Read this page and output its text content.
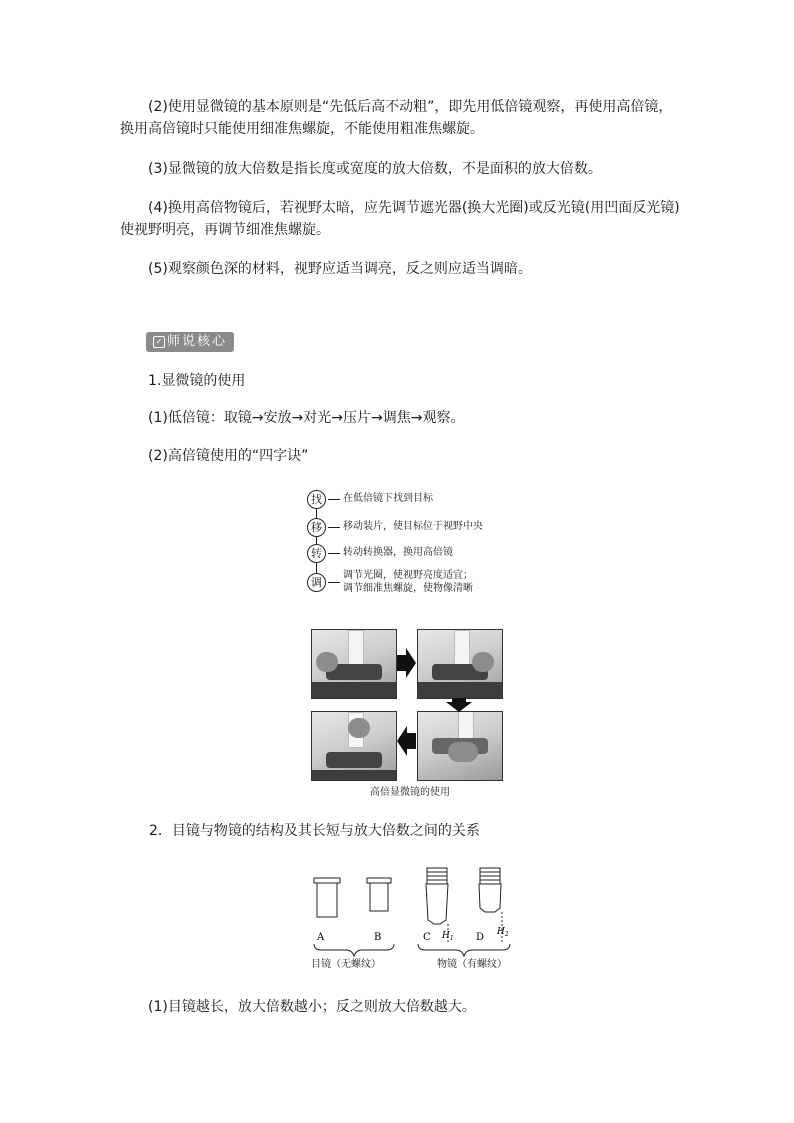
(2)使用显微镜的基本原则是“先低后高不动粗”，即先用低倍镜观察，再使用高倍镜，换用高倍镜时只能使用细准焦螺旋，不能使用粗准焦螺旋。

(3)显微镜的放大倍数是指长度或宽度的放大倍数，不是面积的放大倍数。

(4)换用高倍物镜后，若视野太暗，应先调节遮光器(换大光圈)或反光镜(用凹面反光镜)使视野明亮，再调节细准焦螺旋。

(5)观察颜色深的材料，视野应适当调亮，反之则应适当调暗。

✓ 师说核心

1.显微镜的使用

(1)低倍镜：取镜→安放→对光→压片→调焦→观察。

(2)高倍镜使用的“四字诀”

找	在低倍镜下找到目标
移	移动装片，使目标位于视野中央
转	转动转换器，换用高倍镜
调
调节光圈，使视野亮度适宜；
调节细准焦螺旋，使物像清晰
高倍显微镜的使用

2．目镜与物镜的结构及其长短与放大倍数之间的关系

A	B	C	D
$H_1$
$H_2$
目镜（无螺纹）	物镜（有螺纹）

(1)目镜越长，放大倍数越小；反之则放大倍数越大。
